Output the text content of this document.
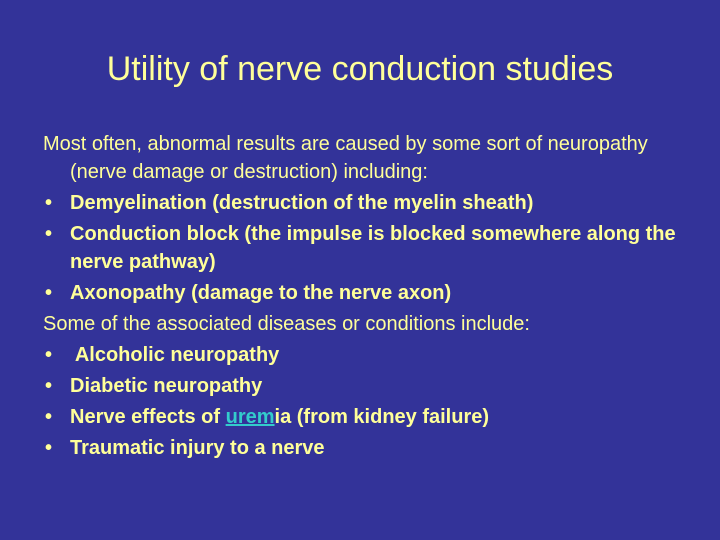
Utility of nerve conduction studies

Most often, abnormal results are caused by some sort of neuropathy (nerve damage or destruction) including:

• Demyelination (destruction of the myelin sheath)
• Conduction block (the impulse is blocked somewhere along the nerve pathway)
• Axonopathy (damage to the nerve axon)

Some of the associated diseases or conditions include:

• Alcoholic neuropathy
• Diabetic neuropathy
• Nerve effects of uremia (from kidney failure)
• Traumatic injury to a nerve
